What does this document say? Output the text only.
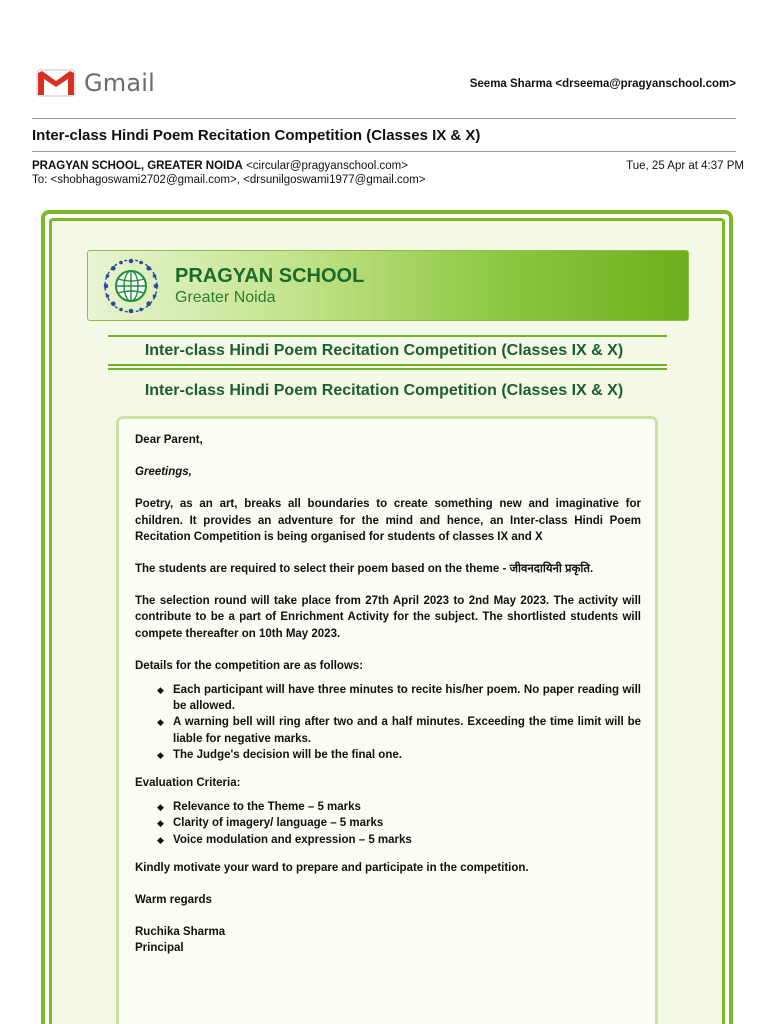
Gmail	Seema Sharma <drseema@pragyanschool.com>
Inter-class Hindi Poem Recitation Competition (Classes IX & X)
PRAGYAN SCHOOL, GREATER NOIDA <circular@pragyanschool.com>	Tue, 25 Apr at 4:37 PM
To: <shobhagoswami2702@gmail.com>, <drsunilgoswami1977@gmail.com>
PRAGYAN SCHOOL
Greater Noida
Inter-class Hindi Poem Recitation Competition (Classes IX & X)
Inter-class Hindi Poem Recitation Competition (Classes IX & X)

Dear Parent,

Greetings,

Poetry, as an art, breaks all boundaries to create something new and imaginative for children. It provides an adventure for the mind and hence, an Inter-class Hindi Poem Recitation Competition is being organised for students of classes IX and X

The students are required to select their poem based on the theme - जीवनदायिनी प्रकृति.

The selection round will take place from 27th April 2023 to 2nd May 2023. The activity will contribute to be a part of Enrichment Activity for the subject. The shortlisted students will compete thereafter on 10th May 2023.

Details for the competition are as follows:

◆ Each participant will have three minutes to recite his/her poem. No paper reading will be allowed.
◆ A warning bell will ring after two and a half minutes. Exceeding the time limit will be liable for negative marks.
◆ The Judge's decision will be the final one.

Evaluation Criteria:

◆ Relevance to the Theme – 5 marks
◆ Clarity of imagery/ language – 5 marks
◆ Voice modulation and expression – 5 marks

Kindly motivate your ward to prepare and participate in the competition.

Warm regards

Ruchika Sharma

Principal
